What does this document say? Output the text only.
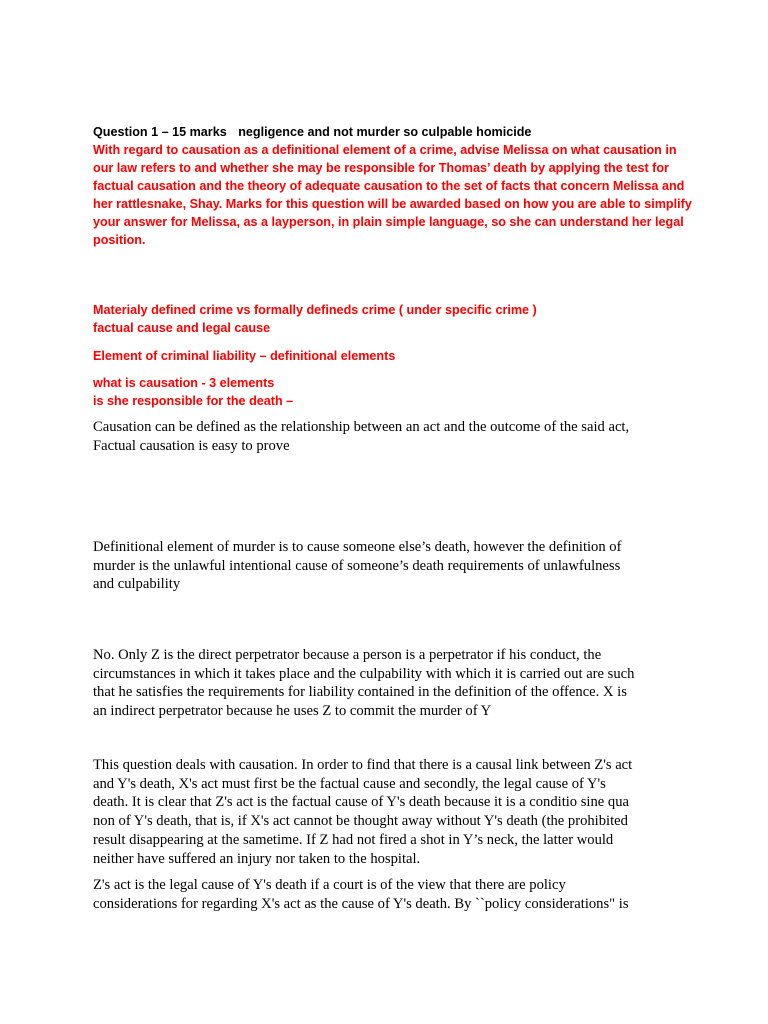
Question 1 – 15 marks negligence and not murder so culpable homicide
With regard to causation as a definitional element of a crime, advise Melissa on what causation in
our law refers to and whether she may be responsible for Thomas’ death by applying the test for
factual causation and the theory of adequate causation to the set of facts that concern Melissa and
her rattlesnake, Shay. Marks for this question will be awarded based on how you are able to simplify
your answer for Melissa, as a layperson, in plain simple language, so she can understand her legal
position.
Materialy defined crime vs formally defineds crime ( under specific crime )
factual cause and legal cause
Element of criminal liability – definitional elements
what is causation - 3 elements
is she responsible for the death –
Causation can be defined as the relationship between an act and the outcome of the said act,
Factual causation is easy to prove
Definitional element of murder is to cause someone else’s death, however the definition of
murder is the unlawful intentional cause of someone’s death requirements of unlawfulness
and culpability
No. Only Z is the direct perpetrator because a person is a perpetrator if his conduct, the
circumstances in which it takes place and the culpability with which it is carried out are such
that he satisfies the requirements for liability contained in the definition of the offence. X is
an indirect perpetrator because he uses Z to commit the murder of Y
This question deals with causation. In order to find that there is a causal link between Z's act
and Y's death, X's act must first be the factual cause and secondly, the legal cause of Y's
death. It is clear that Z's act is the factual cause of Y's death because it is a conditio sine qua
non of Y's death, that is, if X's act cannot be thought away without Y's death (the prohibited
result disappearing at the sametime. If Z had not fired a shot in Y’s neck, the latter would
neither have suffered an injury nor taken to the hospital.
Z's act is the legal cause of Y's death if a court is of the view that there are policy
considerations for regarding X's act as the cause of Y's death. By ``policy considerations" is
